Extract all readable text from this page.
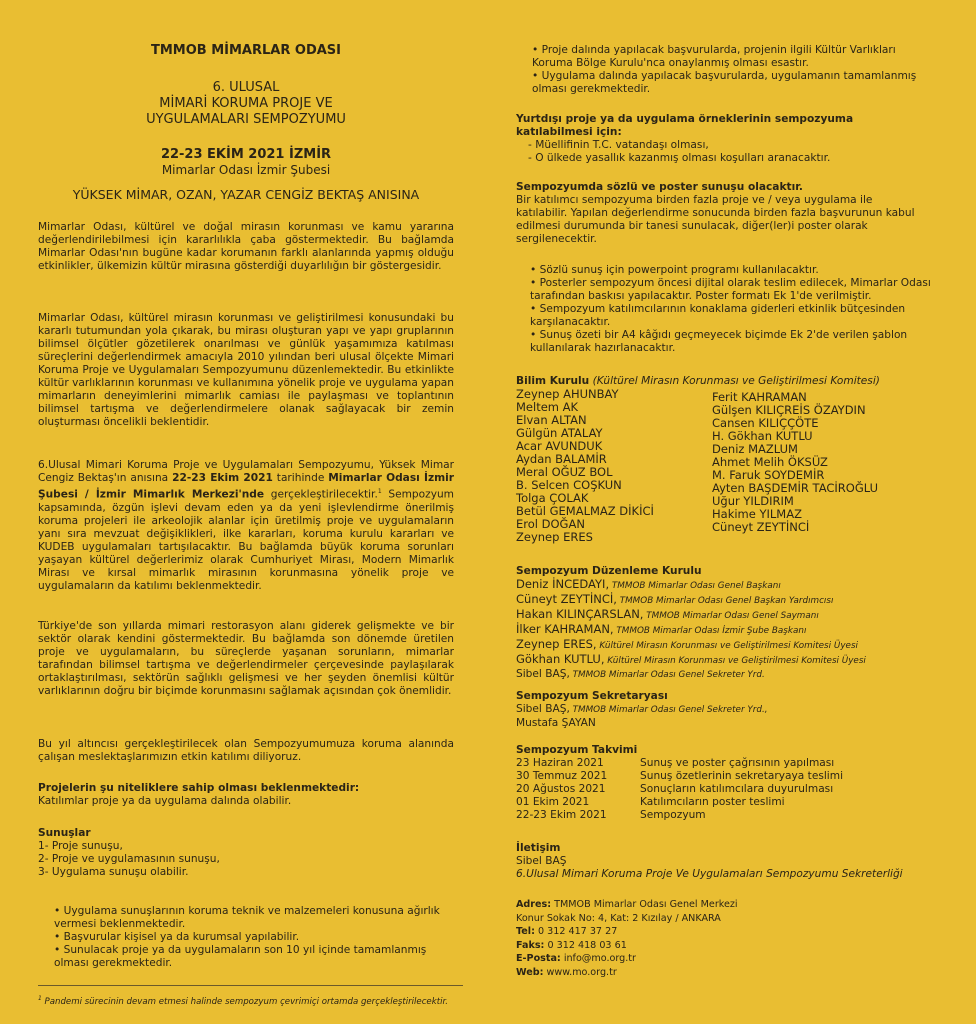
TMMOB MİMARLAR ODASI
6. ULUSAL
MİMARİ KORUMA PROJE VE
UYGULAMALARI SEMPOZYUMU
22-23 EKİM 2021 İZMİR
Mimarlar Odası İzmir Şubesi
YÜKSEK MİMAR, OZAN, YAZAR CENGİZ BEKTAŞ ANISINA

Mimarlar Odası, kültürel ve doğal mirasın korunması ve kamu yararına değerlendirilebilmesi için kararlılıkla çaba göstermektedir. Bu bağlamda Mimarlar Odası'nın bugüne kadar korumanın farklı alanlarında yapmış olduğu etkinlikler, ülkemizin kültür mirasına gösterdiği duyarlılığın bir göstergesidir.

Mimarlar Odası, kültürel mirasın korunması ve geliştirilmesi konusundaki bu kararlı tutumundan yola çıkarak, bu mirası oluşturan yapı ve yapı gruplarının bilimsel ölçütler gözetilerek onarılması ve günlük yaşamımıza katılması süreçlerini değerlendirmek amacıyla 2010 yılından beri ulusal ölçekte Mimari Koruma Proje ve Uygulamaları Sempozyumunu düzenlemektedir. Bu etkinlikte kültür varlıklarının korunması ve kullanımına yönelik proje ve uygulama yapan mimarların deneyimlerini mimarlık camiası ile paylaşması ve toplantının bilimsel tartışma ve değerlendirmelere olanak sağlayacak bir zemin oluşturması öncelikli beklentidir.

6.Ulusal Mimari Koruma Proje ve Uygulamaları Sempozyumu, Yüksek Mimar Cengiz Bektaş'ın anısına 22-23 Ekim 2021 tarihinde Mimarlar Odası İzmir Şubesi / İzmir Mimarlık Merkezi'nde gerçekleştirilecektir.$^1$ Sempozyum kapsamında, özgün işlevi devam eden ya da yeni işlevlendirme önerilmiş koruma projeleri ile arkeolojik alanlar için üretilmiş proje ve uygulamaların yanı sıra mevzuat değişiklikleri, ilke kararları, koruma kurulu kararları ve KUDEB uygulamaları tartışılacaktır. Bu bağlamda büyük koruma sorunları yaşayan kültürel değerlerimiz olarak Cumhuriyet Mirası, Modern Mimarlık Mirası ve kırsal mimarlık mirasının korunmasına yönelik proje ve uygulamaların da katılımı beklenmektedir.

Türkiye'de son yıllarda mimari restorasyon alanı giderek gelişmekte ve bir sektör olarak kendini göstermektedir. Bu bağlamda son dönemde üretilen proje ve uygulamaların, bu süreçlerde yaşanan sorunların, mimarlar tarafından bilimsel tartışma ve değerlendirmeler çerçevesinde paylaşılarak ortaklaştırılması, sektörün sağlıklı gelişmesi ve her şeyden önemlisi kültür varlıklarının doğru bir biçimde korunmasını sağlamak açısından çok önemlidir.

Bu yıl altıncısı gerçekleştirilecek olan Sempozyumumuza koruma alanında çalışan meslektaşlarımızın etkin katılımı diliyoruz.

Projelerin şu niteliklere sahip olması beklenmektedir:
Katılımlar proje ya da uygulama dalında olabilir.
Sunuşlar
1- Proje sunuşu,
2- Proje ve uygulamasının sunuşu,
3- Uygulama sunuşu olabilir.
• Uygulama sunuşlarının koruma teknik ve malzemeleri konusuna ağırlık vermesi beklenmektedir.
• Başvurular kişisel ya da kurumsal yapılabilir.
• Sunulacak proje ya da uygulamaların son 10 yıl içinde tamamlanmış olması gerekmektedir.
$^1$ Pandemi sürecinin devam etmesi halinde sempozyum çevrimiçi ortamda gerçekleştirilecektir.
• Proje dalında yapılacak başvurularda, projenin ilgili Kültür Varlıkları Koruma Bölge Kurulu'nca onaylanmış olması esastır.
• Uygulama dalında yapılacak başvurularda, uygulamanın tamamlanmış olması gerekmektedir.
Yurtdışı proje ya da uygulama örneklerinin sempozyuma katılabilmesi için:
- Müellifinin T.C. vatandaşı olması,
- O ülkede yasallık kazanmış olması koşulları aranacaktır.
Sempozyumda sözlü ve poster sunuşu olacaktır.
Bir katılımcı sempozyuma birden fazla proje ve / veya uygulama ile katılabilir. Yapılan değerlendirme sonucunda birden fazla başvurunun kabul edilmesi durumunda bir tanesi sunulacak, diğer(ler)i poster olarak sergilenecektir.
• Sözlü sunuş için powerpoint programı kullanılacaktır.
• Posterler sempozyum öncesi dijital olarak teslim edilecek, Mimarlar Odası tarafından baskısı yapılacaktır. Poster formatı Ek 1'de verilmiştir.
• Sempozyum katılımcılarının konaklama giderleri etkinlik bütçesinden karşılanacaktır.
• Sunuş özeti bir A4 kâğıdı geçmeyecek biçimde Ek 2'de verilen şablon kullanılarak hazırlanacaktır.
Bilim Kurulu (Kültürel Mirasın Korunması ve Geliştirilmesi Komitesi)
Zeynep AHUNBAY
Meltem AK
Elvan ALTAN
Gülgün ATALAY
Acar AVUNDUK
Aydan BALAMİR
Meral OĞUZ BOL
B. Selcen COŞKUN
Tolga ÇOLAK
Betül GEMALMAZ DİKİCİ
Erol DOĞAN
Zeynep ERES
Ferit KAHRAMAN
Gülşen KILIÇREİS ÖZAYDIN
Cansen KILIÇÇÖTE
H. Gökhan KUTLU
Deniz MAZLUM
Ahmet Melih ÖKSÜZ
M. Faruk SOYDEMİR
Ayten BAŞDEMİR TACİROĞLU
Uğur YILDIRIM
Hakime YILMAZ
Cüneyt ZEYTİNCİ
Sempozyum Düzenleme Kurulu
Deniz İNCEDAYI, TMMOB Mimarlar Odası Genel Başkanı
Cüneyt ZEYTİNCİ, TMMOB Mimarlar Odası Genel Başkan Yardımcısı
Hakan KILINÇARSLAN, TMMOB Mimarlar Odası Genel Saymanı
İlker KAHRAMAN, TMMOB Mimarlar Odası İzmir Şube Başkanı
Zeynep ERES, Kültürel Mirasın Korunması ve Geliştirilmesi Komitesi Üyesi
Gökhan KUTLU, Kültürel Mirasın Korunması ve Geliştirilmesi Komitesi Üyesi
Sibel BAŞ, TMMOB Mimarlar Odası Genel Sekreter Yrd.
Sempozyum Sekretaryası
Sibel BAŞ, TMMOB Mimarlar Odası Genel Sekreter Yrd.,
Mustafa ŞAYAN
Sempozyum Takvimi
23 Haziran 2021	Sunuş ve poster çağrısının yapılması
30 Temmuz 2021	Sunuş özetlerinin sekretaryaya teslimi
20 Ağustos 2021	Sonuçların katılımcılara duyurulması
01 Ekim 2021	Katılımcıların poster teslimi
22-23 Ekim 2021	Sempozyum
İletişim
Sibel BAŞ
6.Ulusal Mimari Koruma Proje Ve Uygulamaları Sempozyumu Sekreterliği
Adres: TMMOB Mimarlar Odası Genel Merkezi
Konur Sokak No: 4, Kat: 2 Kızılay / ANKARA
Tel: 0 312 417 37 27
Faks: 0 312 418 03 61
E-Posta: info@mo.org.tr
Web: www.mo.org.tr
